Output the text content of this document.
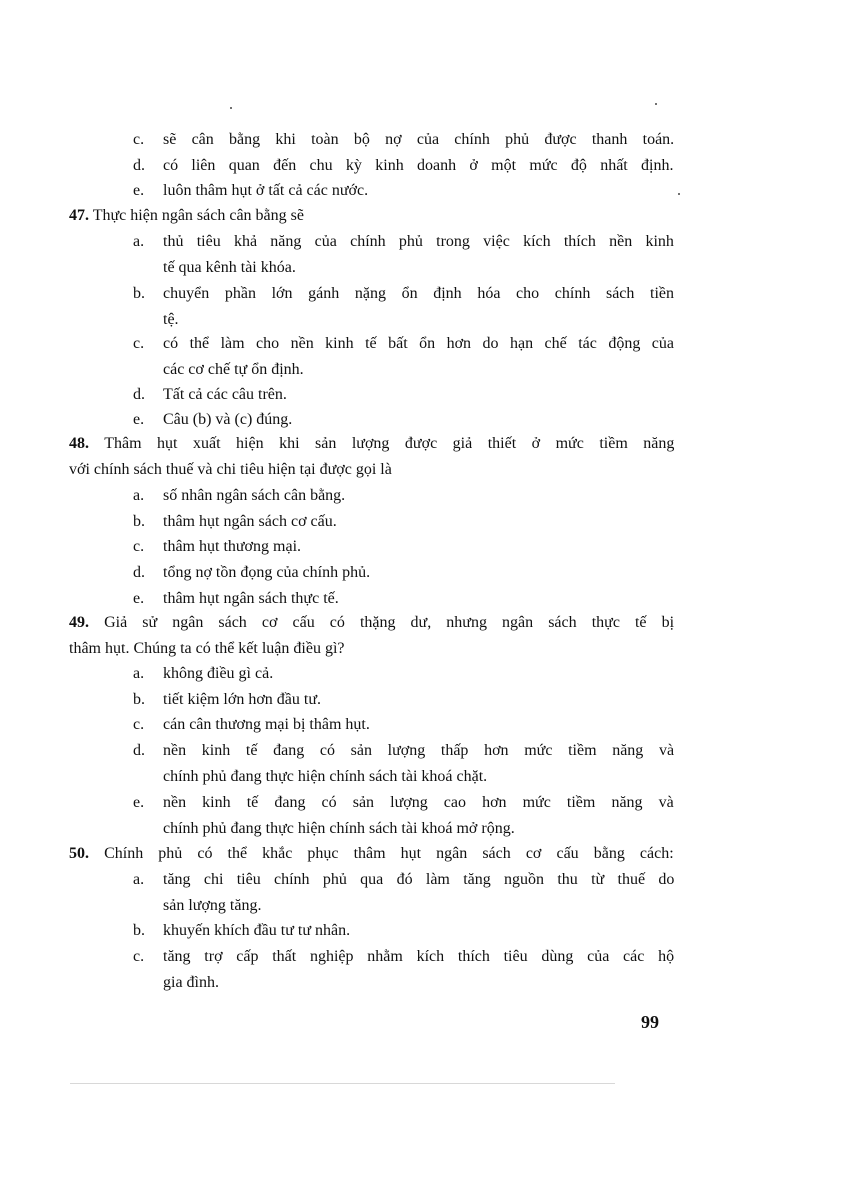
c. sẽ cân bằng khi toàn bộ nợ của chính phủ được thanh toán.
d. có liên quan đến chu kỳ kinh doanh ở một mức độ nhất định.
e. luôn thâm hụt ở tất cả các nước.
47. Thực hiện ngân sách cân bằng sẽ
a. thủ tiêu khả năng của chính phủ trong việc kích thích nền kinh
tế qua kênh tài khóa.
b. chuyển phần lớn gánh nặng ổn định hóa cho chính sách tiền
tệ.
c. có thể làm cho nền kinh tế bất ổn hơn do hạn chế tác động của
các cơ chế tự ổn định.
d. Tất cả các câu trên.
e. Câu (b) và (c) đúng.
48. Thâm hụt xuất hiện khi sản lượng được giả thiết ở mức tiềm năng
với chính sách thuế và chi tiêu hiện tại được gọi là
a. số nhân ngân sách cân bằng.
b. thâm hụt ngân sách cơ cấu.
c. thâm hụt thương mại.
d. tổng nợ tồn đọng của chính phủ.
e. thâm hụt ngân sách thực tế.
49. Giả sử ngân sách cơ cấu có thặng dư, nhưng ngân sách thực tế bị
thâm hụt. Chúng ta có thể kết luận điều gì?
a. không điều gì cả.
b. tiết kiệm lớn hơn đầu tư.
c. cán cân thương mại bị thâm hụt.
d. nền kinh tế đang có sản lượng thấp hơn mức tiềm năng và
chính phủ đang thực hiện chính sách tài khoá chặt.
e. nền kinh tế đang có sản lượng cao hơn mức tiềm năng và
chính phủ đang thực hiện chính sách tài khoá mở rộng.
50. Chính phủ có thể khắc phục thâm hụt ngân sách cơ cấu bằng cách:
a. tăng chi tiêu chính phủ qua đó làm tăng nguồn thu từ thuế do
sản lượng tăng.
b. khuyến khích đầu tư tư nhân.
c. tăng trợ cấp thất nghiệp nhằm kích thích tiêu dùng của các hộ
gia đình.
99
